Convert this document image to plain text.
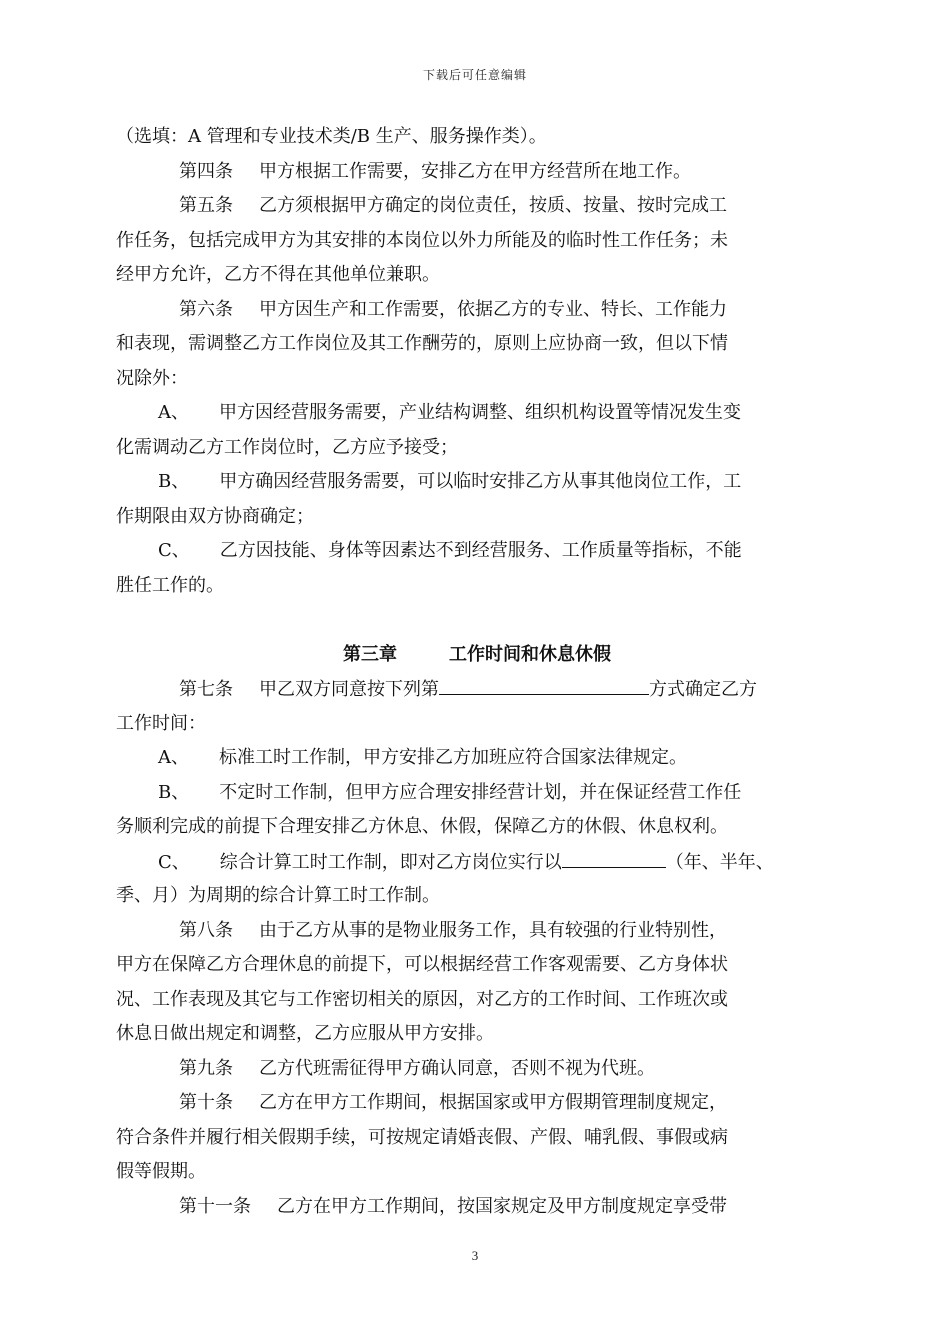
下载后可任意编辑
（选填：A 管理和专业技术类/B 生产、服务操作类）。
第四条 甲方根据工作需要，安排乙方在甲方经营所在地工作。
第五条 乙方须根据甲方确定的岗位责任，按质、按量、按时完成工
作任务，包括完成甲方为其安排的本岗位以外力所能及的临时性工作任务；未
经甲方允许，乙方不得在其他单位兼职。
第六条 甲方因生产和工作需要，依据乙方的专业、特长、工作能力
和表现，需调整乙方工作岗位及其工作酬劳的，原则上应协商一致，但以下情
况除外：
A、 甲方因经营服务需要，产业结构调整、组织机构设置等情况发生变
化需调动乙方工作岗位时，乙方应予接受；
B、 甲方确因经营服务需要，可以临时安排乙方从事其他岗位工作，工
作期限由双方协商确定；
C、 乙方因技能、身体等因素达不到经营服务、工作质量等指标，不能
胜任工作的。
第三章	工作时间和休息休假
第七条 甲乙双方同意按下列第	方式确定乙方
工作时间：
A、 标准工时工作制，甲方安排乙方加班应符合国家法律规定。
B、 不定时工作制，但甲方应合理安排经营计划，并在保证经营工作任
务顺利完成的前提下合理安排乙方休息、休假，保障乙方的休假、休息权利。
C、 综合计算工时工作制，即对乙方岗位实行以	（年、半年、
季、月）为周期的综合计算工时工作制。
第八条 由于乙方从事的是物业服务工作，具有较强的行业特别性，
甲方在保障乙方合理休息的前提下，可以根据经营工作客观需要、乙方身体状
况、工作表现及其它与工作密切相关的原因，对乙方的工作时间、工作班次或
休息日做出规定和调整，乙方应服从甲方安排。
第九条 乙方代班需征得甲方确认同意，否则不视为代班。
第十条 乙方在甲方工作期间，根据国家或甲方假期管理制度规定，
符合条件并履行相关假期手续，可按规定请婚丧假、产假、哺乳假、事假或病
假等假期。
第十一条 乙方在甲方工作期间，按国家规定及甲方制度规定享受带
3
